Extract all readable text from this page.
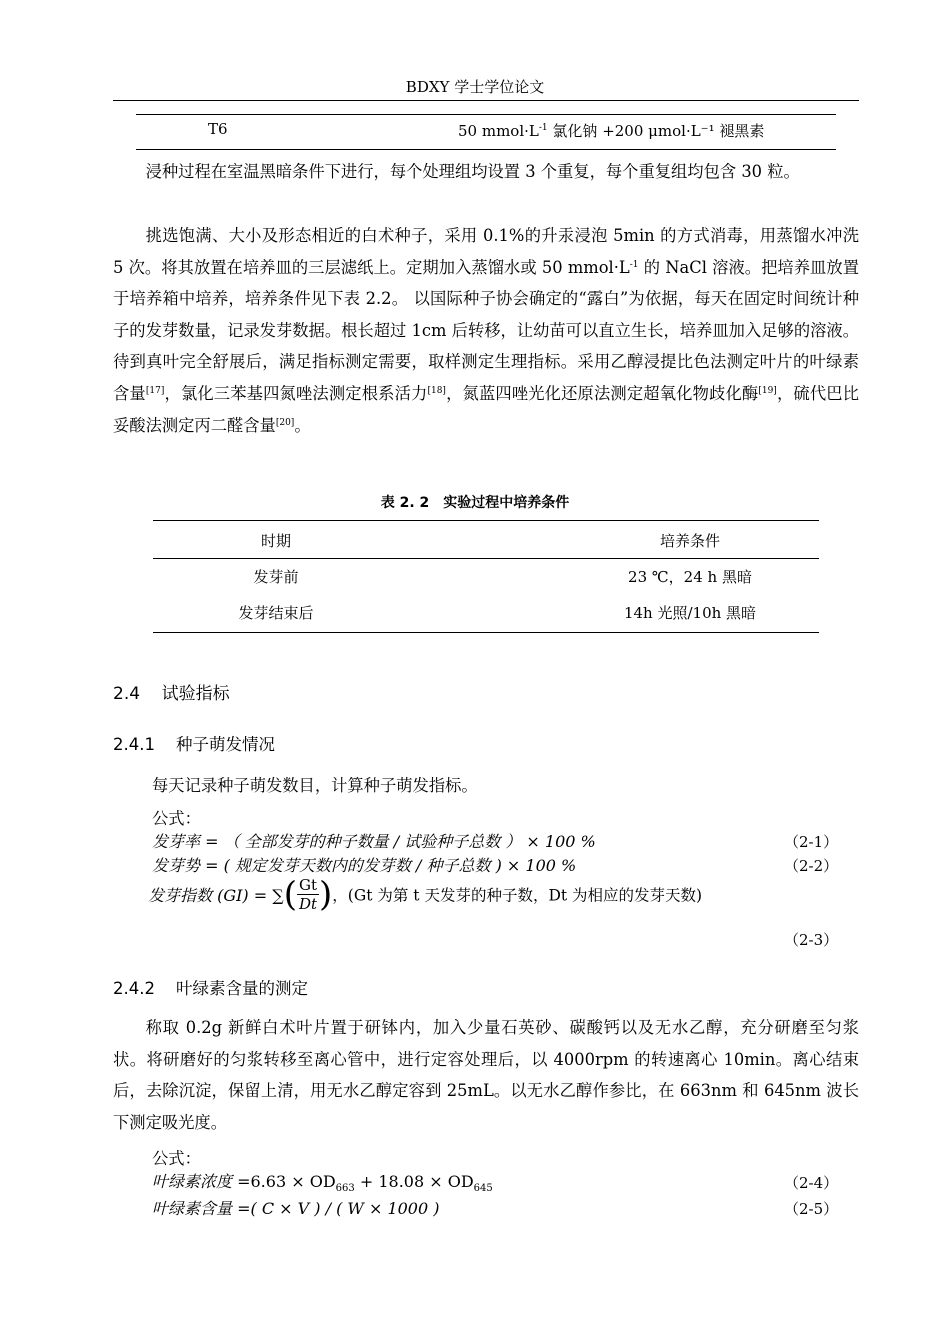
BDXY 学士学位论文
T6	50 $mmol\cdot L^{-1}$ 氯化钠 +200 μmol·L⁻¹ 褪黑素

浸种过程在室温黑暗条件下进行，每个处理组均设置 3 个重复，每个重复组均包含 30 粒。

挑选饱满、大小及形态相近的白术种子，采用 0.1%的升汞浸泡 5min 的方式消毒，用蒸馏水冲洗 5 次。将其放置在培养皿的三层滤纸上。定期加入蒸馏水或 50 $mmol\cdot L^{-1}$ 的 NaCl 溶液。把培养皿放置于培养箱中培养，培养条件见下表 2.2。 以国际种子协会确定的“露白”为依据，每天在固定时间统计种子的发芽数量，记录发芽数据。根长超过 1cm 后转移，让幼苗可以直立生长，培养皿加入足够的溶液。待到真叶完全舒展后，满足指标测定需要，取样测定生理指标。采用乙醇浸提比色法测定叶片的叶绿素含量[17]，氯化三苯基四氮唑法测定根系活力[18]，氮蓝四唑光化还原法测定超氧化物歧化酶[19]，硫代巴比妥酸法测定丙二醛含量[20]。

表 2. 2　实验过程中培养条件
时期	培养条件
发芽前	23 ℃，24 h 黑暗
发芽结束后	14h 光照/10h 黑暗
2.4 试验指标
2.4.1 种子萌发情况
每天记录种子萌发数目，计算种子萌发指标。
公式：
发芽率 = （ 全部发芽的种子数量 / 试验种子总数 ） × 100 %	（2-1）
发芽势 = ( 规定发芽天数内的发芽数 / 种子总数 ) × 100 %	（2-2）
发芽指数 (GI) = ∑( $\frac{Gt}{Dt}$ )，(Gt 为第 t 天发芽的种子数，Dt 为相应的发芽天数)
（2-3）
2.4.2 叶绿素含量的测定

称取 0.2g 新鲜白术叶片置于研钵内，加入少量石英砂、碳酸钙以及无水乙醇，充分研磨至匀浆状。将研磨好的匀浆转移至离心管中，进行定容处理后，以 4000rpm 的转速离心 10min。离心结束后，去除沉淀，保留上清，用无水乙醇定容到 25mL。以无水乙醇作参比，在 663nm 和 645nm 波长下测定吸光度。

公式：
叶绿素浓度 $=6.63 \times OD_{663} + 18.08 \times OD_{645}$	（2-4）
叶绿素含量 =( C × V ) / ( W × 1000 )	（2-5）
